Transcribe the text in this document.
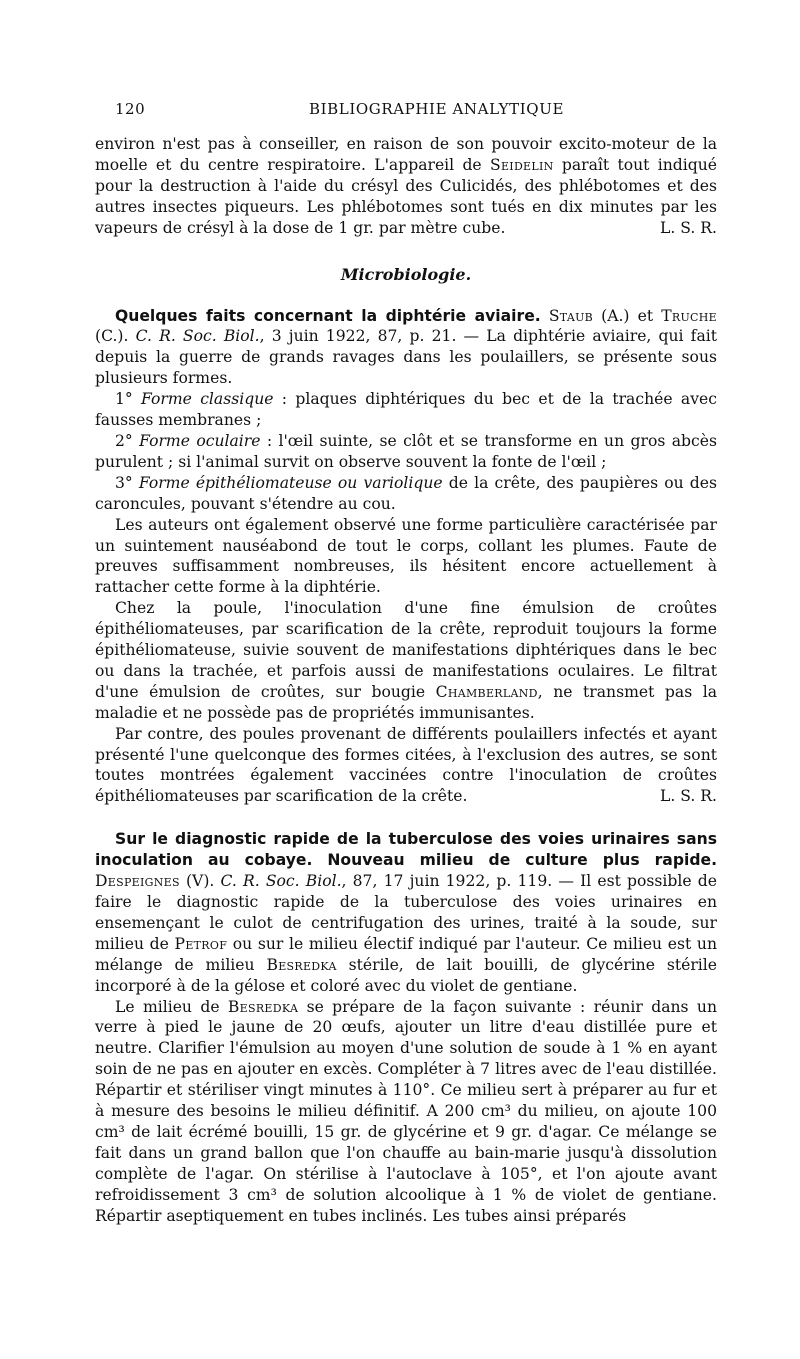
120	BIBLIOGRAPHIE ANALYTIQUE

environ n'est pas à conseiller, en raison de son pouvoir excito-moteur de la moelle et du centre respiratoire. L'appareil de Seidelin paraît tout indiqué pour la destruction à l'aide du crésyl des Culicidés, des phlébotomes et des autres insectes piqueurs. Les phlébotomes sont tués en dix minutes par les vapeurs de crésyl à la dose de 1 gr. par mètre cube.	L. S. R.

Microbiologie.

Quelques faits concernant la diphtérie aviaire. Staub (A.) et Truche (C.). C. R. Soc. Biol., 3 juin 1922, 87, p. 21. — La diphtérie aviaire, qui fait depuis la guerre de grands ravages dans les poulaillers, se présente sous plusieurs formes.

1° Forme classique : plaques diphtériques du bec et de la trachée avec fausses membranes ;

2° Forme oculaire : l'œil suinte, se clôt et se transforme en un gros abcès purulent ; si l'animal survit on observe souvent la fonte de l'œil ;

3° Forme épithéliomateuse ou variolique de la crête, des paupières ou des caroncules, pouvant s'étendre au cou.

Les auteurs ont également observé une forme particulière caractérisée par un suintement nauséabond de tout le corps, collant les plumes. Faute de preuves suffisamment nombreuses, ils hésitent encore actuellement à rattacher cette forme à la diphtérie.

Chez la poule, l'inoculation d'une fine émulsion de croûtes épithéliomateuses, par scarification de la crête, reproduit toujours la forme épithéliomateuse, suivie souvent de manifestations diphtériques dans le bec ou dans la trachée, et parfois aussi de manifestations oculaires. Le filtrat d'une émulsion de croûtes, sur bougie Chamberland, ne transmet pas la maladie et ne possède pas de propriétés immunisantes.

Par contre, des poules provenant de différents poulaillers infectés et ayant présenté l'une quelconque des formes citées, à l'exclusion des autres, se sont toutes montrées également vaccinées contre l'inoculation de croûtes épithéliomateuses par scarification de la crête.	L. S. R.

Sur le diagnostic rapide de la tuberculose des voies urinaires sans inoculation au cobaye. Nouveau milieu de culture plus rapide. Despeignes (V). C. R. Soc. Biol., 87, 17 juin 1922, p. 119. — Il est possible de faire le diagnostic rapide de la tuberculose des voies urinaires en ensemençant le culot de centrifugation des urines, traité à la soude, sur milieu de Petrof ou sur le milieu électif indiqué par l'auteur. Ce milieu est un mélange de milieu Besredka stérile, de lait bouilli, de glycérine stérile incorporé à de la gélose et coloré avec du violet de gentiane.

Le milieu de Besredka se prépare de la façon suivante : réunir dans un verre à pied le jaune de 20 œufs, ajouter un litre d'eau distillée pure et neutre. Clarifier l'émulsion au moyen d'une solution de soude à 1 % en ayant soin de ne pas en ajouter en excès. Compléter à 7 litres avec de l'eau distillée. Répartir et stériliser vingt minutes à 110°. Ce milieu sert à préparer au fur et à mesure des besoins le milieu définitif. A 200 cm³ du milieu, on ajoute 100 cm³ de lait écrémé bouilli, 15 gr. de glycérine et 9 gr. d'agar. Ce mélange se fait dans un grand ballon que l'on chauffe au bain-marie jusqu'à dissolution complète de l'agar. On stérilise à l'autoclave à 105°, et l'on ajoute avant refroidissement 3 cm³ de solution alcoolique à 1 % de violet de gentiane. Répartir aseptiquement en tubes inclinés. Les tubes ainsi préparés
